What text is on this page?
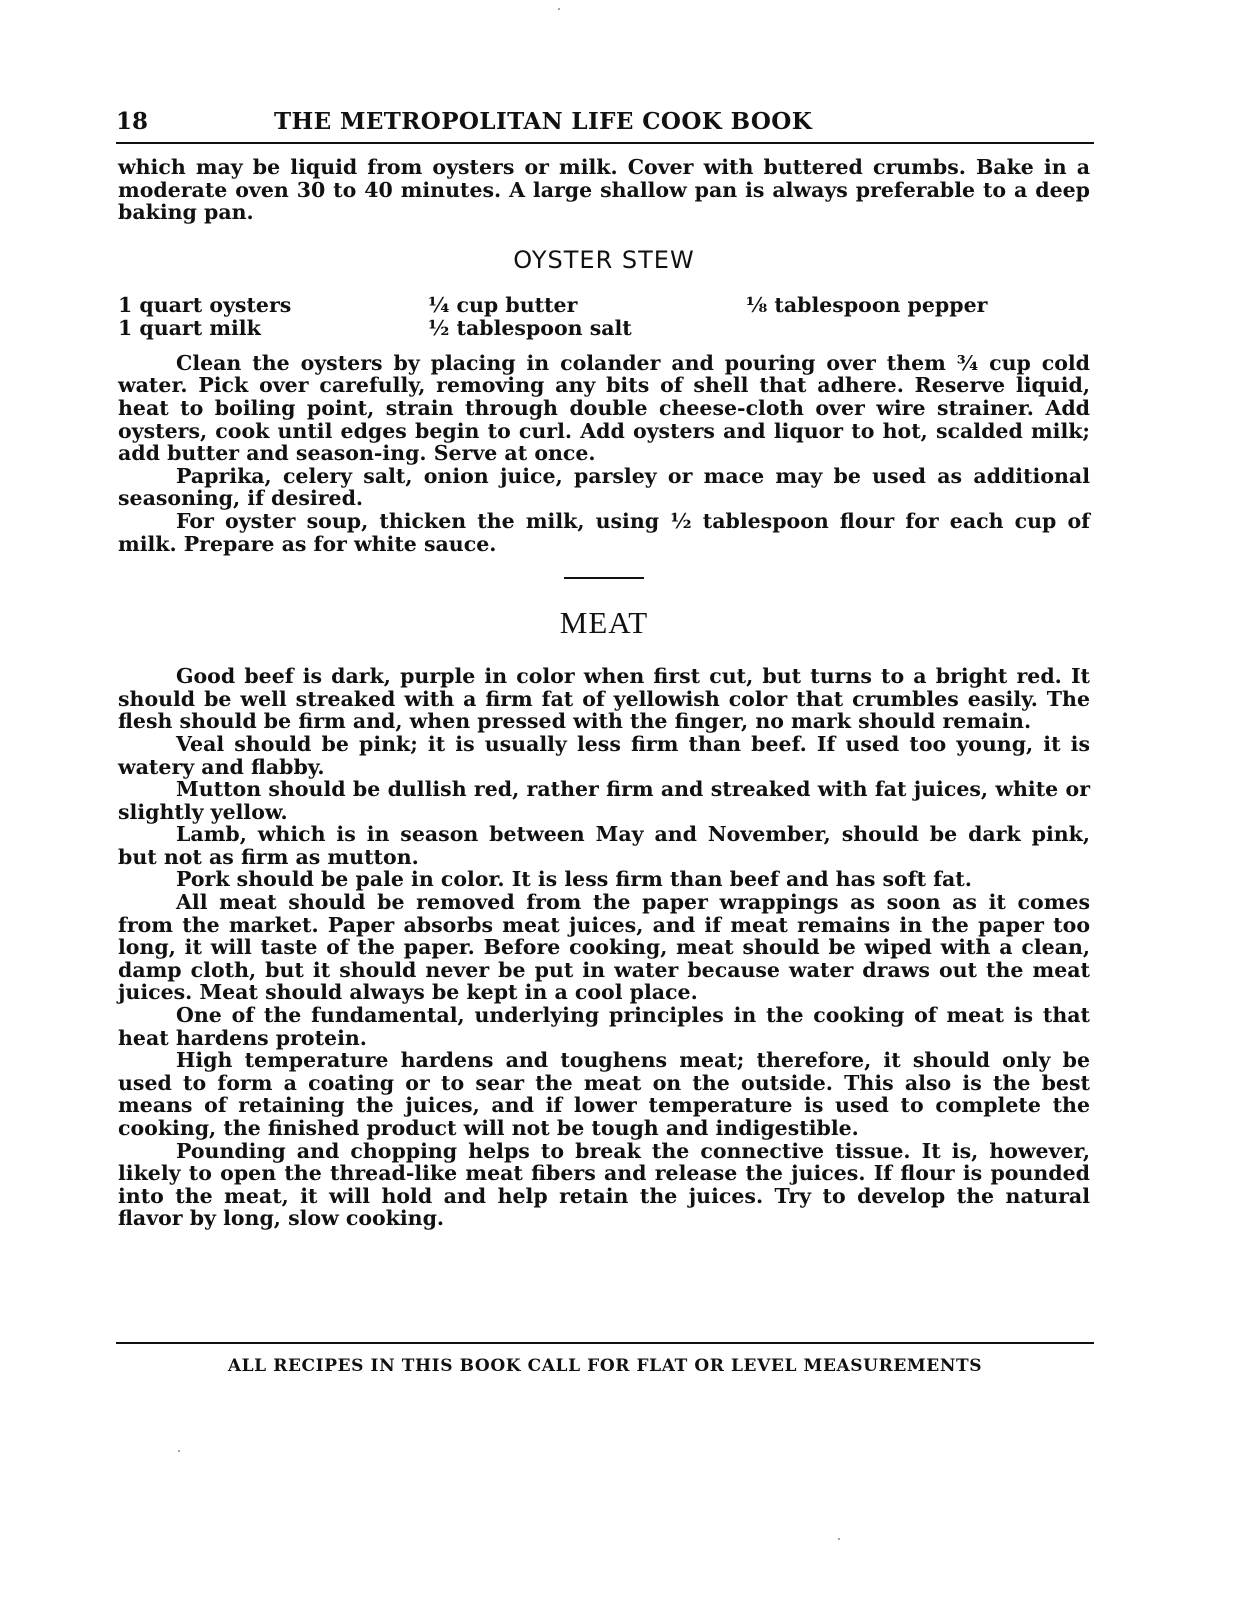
18	THE METROPOLITAN LIFE COOK BOOK

which may be liquid from oysters or milk. Cover with buttered crumbs. Bake in a moderate oven 30 to 40 minutes. A large shallow pan is always preferable to a deep baking pan.

OYSTER STEW
1 quart oysters
1 quart milk
¼ cup butter
½ tablespoon salt
⅛ tablespoon pepper

Clean the oysters by placing in colander and pouring over them ¾ cup cold water. Pick over carefully, removing any bits of shell that adhere. Reserve liquid, heat to boiling point, strain through double cheese-cloth over wire strainer. Add oysters, cook until edges begin to curl. Add oysters and liquor to hot, scalded milk; add butter and season-ing. Serve at once.

Paprika, celery salt, onion juice, parsley or mace may be used as additional seasoning, if desired.

For oyster soup, thicken the milk, using ½ tablespoon flour for each cup of milk. Prepare as for white sauce.

MEAT

Good beef is dark, purple in color when first cut, but turns to a bright red. It should be well streaked with a firm fat of yellowish color that crumbles easily. The flesh should be firm and, when pressed with the finger, no mark should remain.

Veal should be pink; it is usually less firm than beef. If used too young, it is watery and flabby.

Mutton should be dullish red, rather firm and streaked with fat juices, white or slightly yellow.

Lamb, which is in season between May and November, should be dark pink, but not as firm as mutton.

Pork should be pale in color. It is less firm than beef and has soft fat.

All meat should be removed from the paper wrappings as soon as it comes from the market. Paper absorbs meat juices, and if meat remains in the paper too long, it will taste of the paper. Before cooking, meat should be wiped with a clean, damp cloth, but it should never be put in water because water draws out the meat juices. Meat should always be kept in a cool place.

One of the fundamental, underlying principles in the cooking of meat is that heat hardens protein.

High temperature hardens and toughens meat; therefore, it should only be used to form a coating or to sear the meat on the outside. This also is the best means of retaining the juices, and if lower temperature is used to complete the cooking, the finished product will not be tough and indigestible.

Pounding and chopping helps to break the connective tissue. It is, however, likely to open the thread-like meat fibers and release the juices. If flour is pounded into the meat, it will hold and help retain the juices. Try to develop the natural flavor by long, slow cooking.

ALL RECIPES IN THIS BOOK CALL FOR FLAT OR LEVEL MEASUREMENTS
